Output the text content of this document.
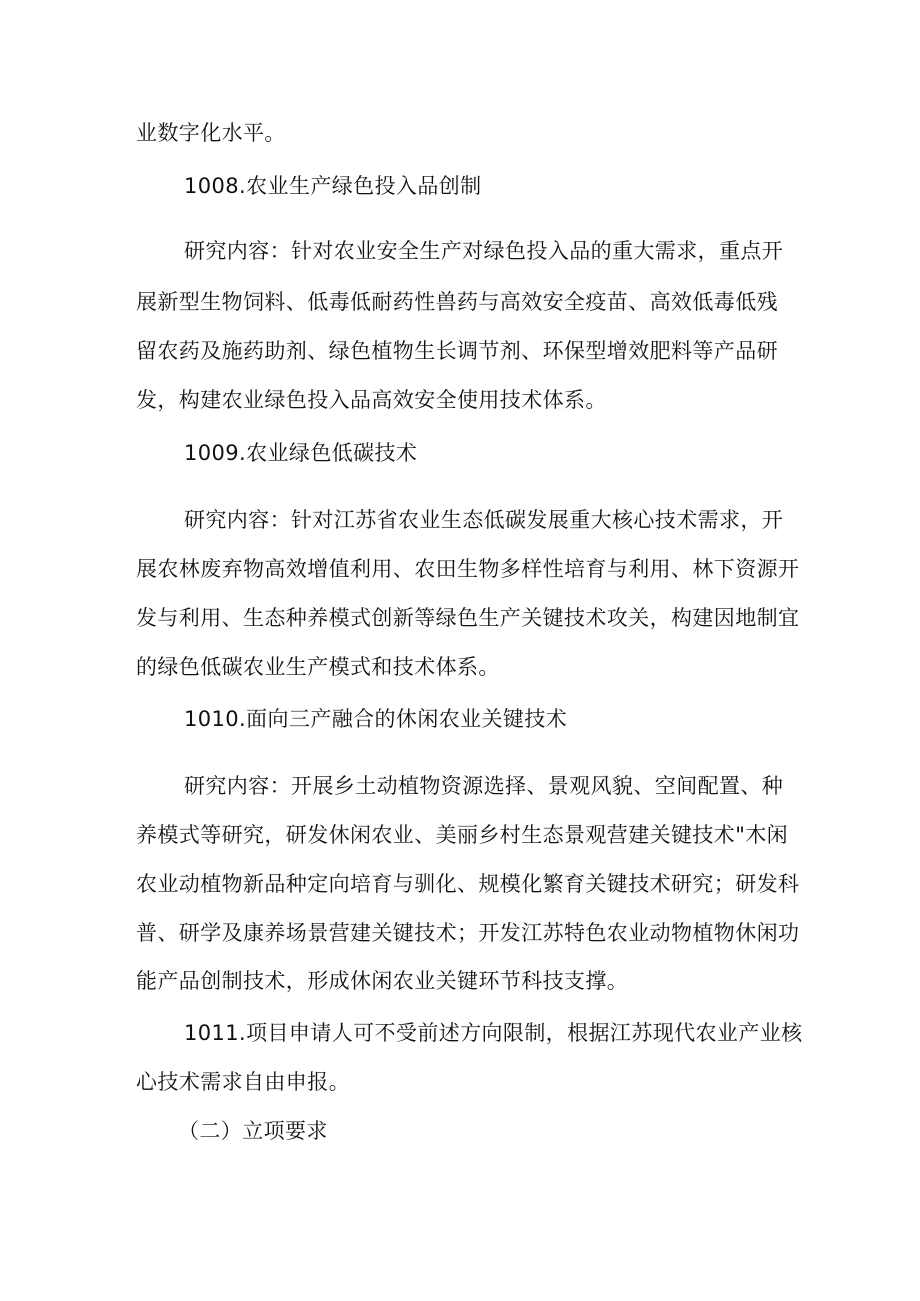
业数字化水平。
1008.农业生产绿色投入品创制
研究内容：针对农业安全生产对绿色投入品的重大需求，重点开
展新型生物饲料、低毒低耐药性兽药与高效安全疫苗、高效低毒低残
留农药及施药助剂、绿色植物生长调节剂、环保型增效肥料等产品研
发，构建农业绿色投入品高效安全使用技术体系。
1009.农业绿色低碳技术
研究内容：针对江苏省农业生态低碳发展重大核心技术需求，开
展农林废弃物高效增值利用、农田生物多样性培育与利用、林下资源开
发与利用、生态种养模式创新等绿色生产关键技术攻关，构建因地制宜
的绿色低碳农业生产模式和技术体系。
1010.面向三产融合的休闲农业关键技术
研究内容：开展乡土动植物资源选择、景观风貌、空间配置、种
养模式等研究，研发休闲农业、美丽乡村生态景观营建关键技术"木闲
农业动植物新品种定向培育与驯化、规模化繁育关键技术研究；研发科
普、研学及康养场景营建关键技术；开发江苏特色农业动物植物休闲功
能产品创制技术，形成休闲农业关键环节科技支撑。
1011.项目申请人可不受前述方向限制，根据江苏现代农业产业核
心技术需求自由申报。
（二）立项要求
